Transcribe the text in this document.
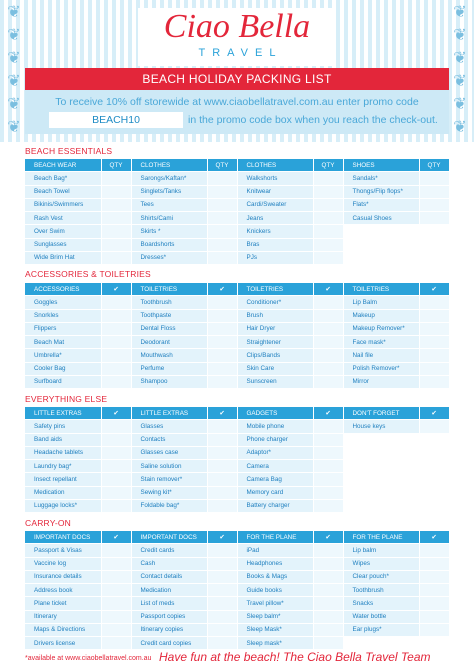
❦
❦
❦
❦
❦
❦
❦
❦
❦
❦
❦
❦
Ciao Bella
TRAVEL
BEACH HOLIDAY PACKING LIST
To receive 10% off storewide at www.ciaobellatravel.com.au enter promo code
BEACH10	in the promo code box when you reach the check-out.
BEACH ESSENTIALS
BEACH WEAR	QTY	CLOTHES	QTY	CLOTHES	QTY	SHOES	QTY
Beach Bag*		Sarongs/Kaftan*		Walkshorts		Sandals*	
Beach Towel		Singlets/Tanks		Knitwear		Thongs/Flip flops*	
Bikinis/Swimmers		Tees		Cardi/Sweater		Flats*	
Rash Vest		Shirts/Cami		Jeans		Casual Shoes	
Over Swim		Skirts *		Knickers			
Sunglasses		Boardshorts		Bras			
Wide Brim Hat		Dresses*		PJs			
ACCESSORIES & TOILETRIES
ACCESSORIES	✔	TOILETRIES	✔	TOILETRIES	✔	TOILETRIES	✔
Goggles		Toothbrush		Conditioner*		Lip Balm	
Snorkles		Toothpaste		Brush		Makeup	
Flippers		Dental Floss		Hair Dryer		Makeup Remover*	
Beach Mat		Deodorant		Straightener		Face mask*	
Umbrella*		Mouthwash		Clips/Bands		Nail file	
Cooler Bag		Perfume		Skin Care		Polish Remover*	
Surfboard		Shampoo		Sunscreen		Mirror	
EVERYTHING ELSE
LITTLE EXTRAS	✔	LITTLE EXTRAS	✔	GADGETS	✔	DON'T FORGET	✔
Safety pins		Glasses		Mobile phone		House keys	
Band aids		Contacts		Phone charger			
Headache tablets		Glasses case		Adaptor*			
Laundry bag*		Saline solution		Camera			
Insect repellant		Stain remover*		Camera Bag			
Medication		Sewing kit*		Memory card			
Luggage locks*		Foldable bag*		Battery charger			
CARRY-ON
IMPORTANT DOCS	✔	IMPORTANT DOCS	✔	FOR THE PLANE	✔	FOR THE PLANE	✔
Passport & Visas		Credit cards		iPad		Lip balm	
Vaccine log		Cash		Headphones		Wipes	
Insurance details		Contact details		Books & Mags		Clear pouch*	
Address book		Medication		Guide books		Toothbrush	
Plane ticket		List of meds		Travel pillow*		Snacks	
Itinerary		Passport copies		Sleep balm*		Water bottle	
Maps & Directions		Itinerary copies		Sleep Mask*		Ear plugs*	
Drivers license		Credit card copies		Sleep mask*			
*available at www.ciaobellatravel.com.au Have fun at the beach! The Ciao Bella Travel Team
